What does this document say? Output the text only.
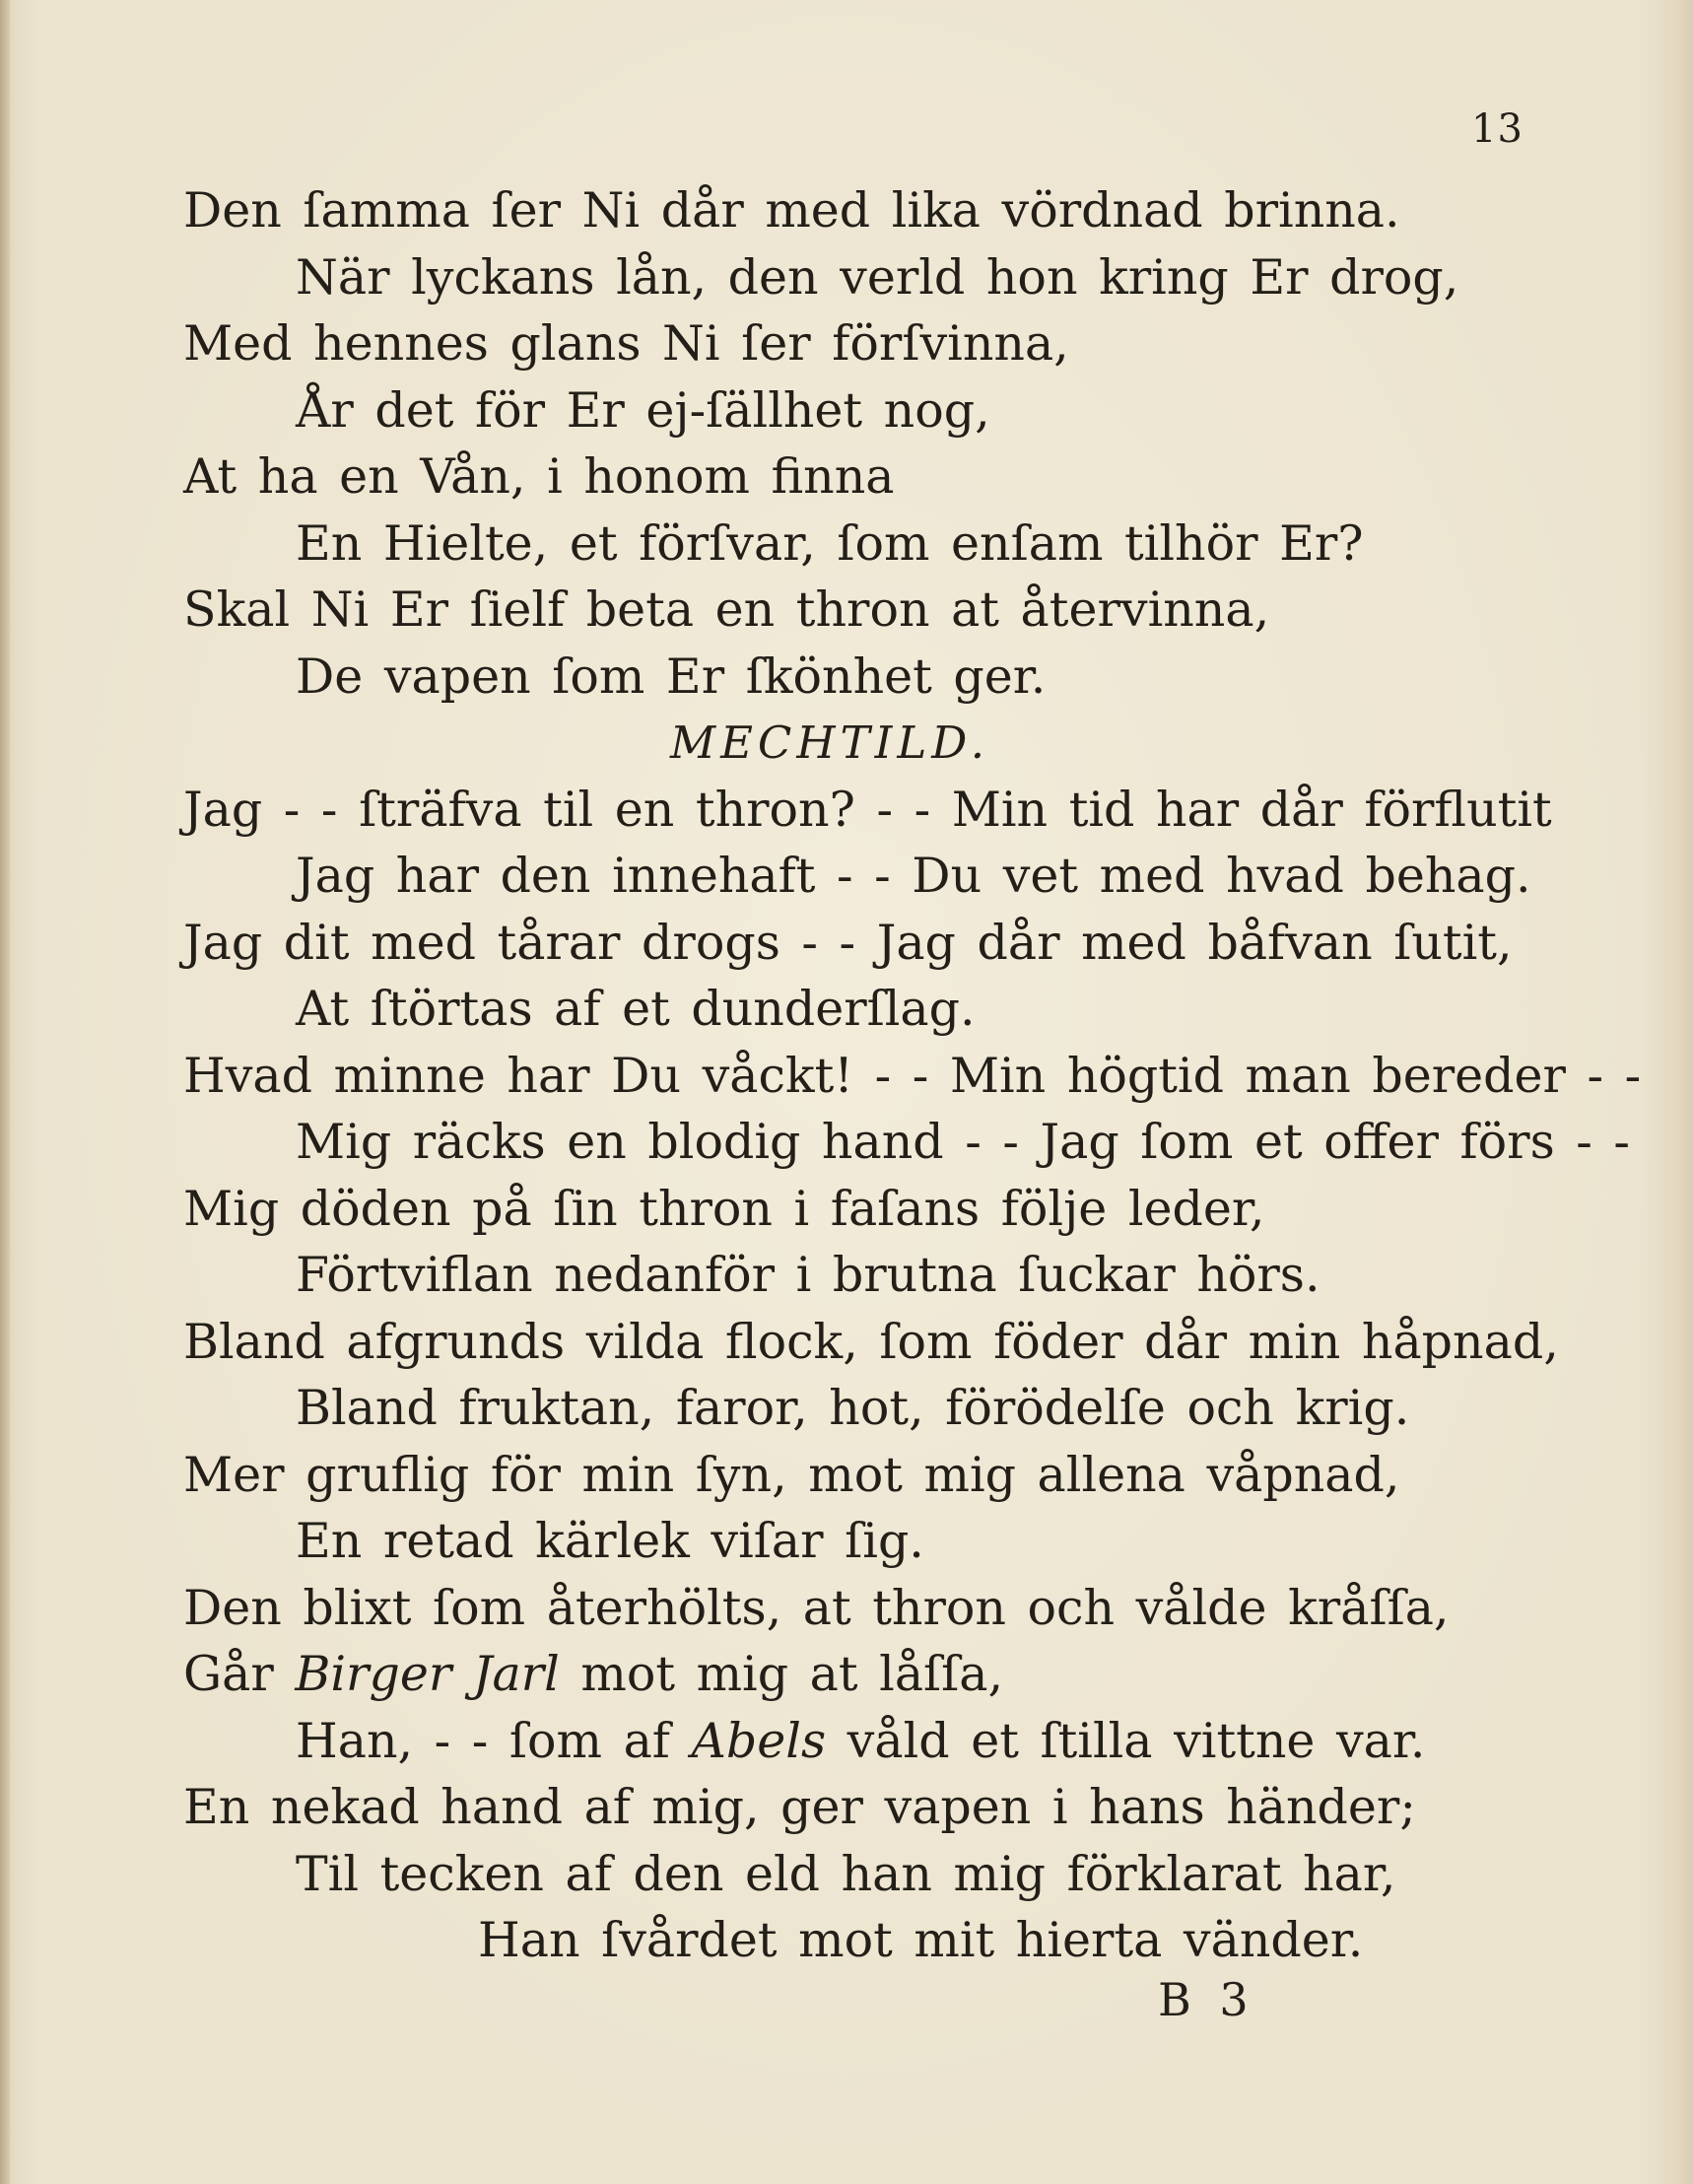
13

Den ſamma ſer Ni dår med lika vördnad brinna.
När lyckans lån, den verld hon kring Er drog,
Med hennes glans Ni ſer förſvinna,
År det för Er ej-ſällhet nog,
At ha en Vån, i honom finna
En Hielte, et förſvar, ſom enſam tilhör Er?
Skal Ni Er ſielf beta en thron at återvinna,
De vapen ſom Er ſkönhet ger.
MECHTILD.
Jag - - ſträfva til en thron? - - Min tid har dår förflutit
Jag har den innehaft - - Du vet med hvad behag.
Jag dit med tårar drogs - - Jag dår med båfvan ſutit,
At ſtörtas af et dunderſlag.
Hvad minne har Du våckt! - - Min högtid man bereder - -
Mig räcks en blodig hand - - Jag ſom et offer förs - -
Mig döden på ſin thron i faſans följe leder,
Förtviflan nedanför i brutna ſuckar hörs.
Bland afgrunds vilda flock, ſom föder dår min håpnad,
Bland fruktan, faror, hot, förödelſe och krig.
Mer gruflig för min ſyn, mot mig allena våpnad,
En retad kärlek viſar ſig.
Den blixt ſom återhölts, at thron och vålde kråſſa,
Går Birger Jarl mot mig at låſſa,
Han, - - ſom af Abels våld et ſtilla vittne var.
En nekad hand af mig, ger vapen i hans händer;
Til tecken af den eld han mig förklarat har,
Han ſvårdet mot mit hierta vänder.

B 3
